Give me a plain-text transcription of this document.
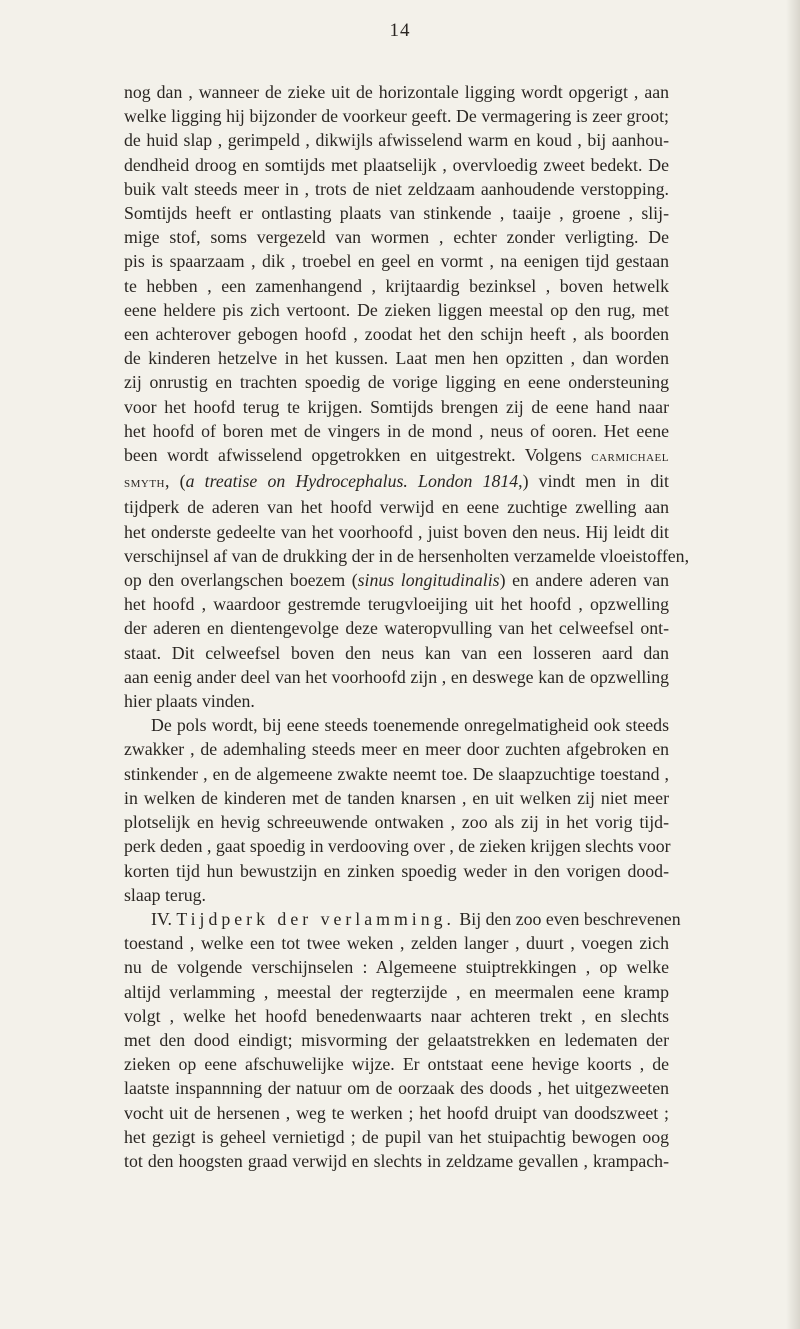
14
nog dan , wanneer de zieke uit de horizontale ligging wordt opgerigt , aan
welke ligging hij bijzonder de voorkeur geeft. De vermagering is zeer groot;
de huid slap , gerimpeld , dikwijls afwisselend warm en koud , bij aanhou-
dendheid droog en somtijds met plaatselijk , overvloedig zweet bedekt. De
buik valt steeds meer in , trots de niet zeldzaam aanhoudende verstopping.
Somtijds heeft er ontlasting plaats van stinkende , taaije , groene , slij-
mige stof, soms vergezeld van wormen , echter zonder verligting. De
pis is spaarzaam , dik , troebel en geel en vormt , na eenigen tijd gestaan
te hebben , een zamenhangend , krijtaardig bezinksel , boven hetwelk
eene heldere pis zich vertoont. De zieken liggen meestal op den rug, met
een achterover gebogen hoofd , zoodat het den schijn heeft , als boorden
de kinderen hetzelve in het kussen. Laat men hen opzitten , dan worden
zij onrustig en trachten spoedig de vorige ligging en eene ondersteuning
voor het hoofd terug te krijgen. Somtijds brengen zij de eene hand naar
het hoofd of boren met de vingers in de mond , neus of ooren. Het eene
been wordt afwisselend opgetrokken en uitgestrekt. Volgens carmichael
smyth, (a treatise on Hydrocephalus. London 1814,) vindt men in dit
tijdperk de aderen van het hoofd verwijd en eene zuchtige zwelling aan
het onderste gedeelte van het voorhoofd , juist boven den neus. Hij leidt dit
verschijnsel af van de drukking der in de hersenholten verzamelde vloeistoffen,
op den overlangschen boezem (sinus longitudinalis) en andere aderen van
het hoofd , waardoor gestremde terugvloeijing uit het hoofd , opzwelling
der aderen en dientengevolge deze wateropvulling van het celweefsel ont-
staat. Dit celweefsel boven den neus kan van een losseren aard dan
aan eenig ander deel van het voorhoofd zijn , en deswege kan de opzwelling
hier plaats vinden.
De pols wordt, bij eene steeds toenemende onregelmatigheid ook steeds
zwakker , de ademhaling steeds meer en meer door zuchten afgebroken en
stinkender , en de algemeene zwakte neemt toe. De slaapzuchtige toestand ,
in welken de kinderen met de tanden knarsen , en uit welken zij niet meer
plotselijk en hevig schreeuwende ontwaken , zoo als zij in het vorig tijd-
perk deden , gaat spoedig in verdooving over , de zieken krijgen slechts voor
korten tijd hun bewustzijn en zinken spoedig weder in den vorigen dood-
slaap terug.
IV. Tijdperk der verlamming. Bij den zoo even beschrevenen
toestand , welke een tot twee weken , zelden langer , duurt , voegen zich
nu de volgende verschijnselen : Algemeene stuiptrekkingen , op welke
altijd verlamming , meestal der regterzijde , en meermalen eene kramp
volgt , welke het hoofd benedenwaarts naar achteren trekt , en slechts
met den dood eindigt; misvorming der gelaatstrekken en ledematen der
zieken op eene afschuwelijke wijze. Er ontstaat eene hevige koorts , de
laatste inspannning der natuur om de oorzaak des doods , het uitgezweeten
vocht uit de hersenen , weg te werken ; het hoofd druipt van doodszweet ;
het gezigt is geheel vernietigd ; de pupil van het stuipachtig bewogen oog
tot den hoogsten graad verwijd en slechts in zeldzame gevallen , krampach-
